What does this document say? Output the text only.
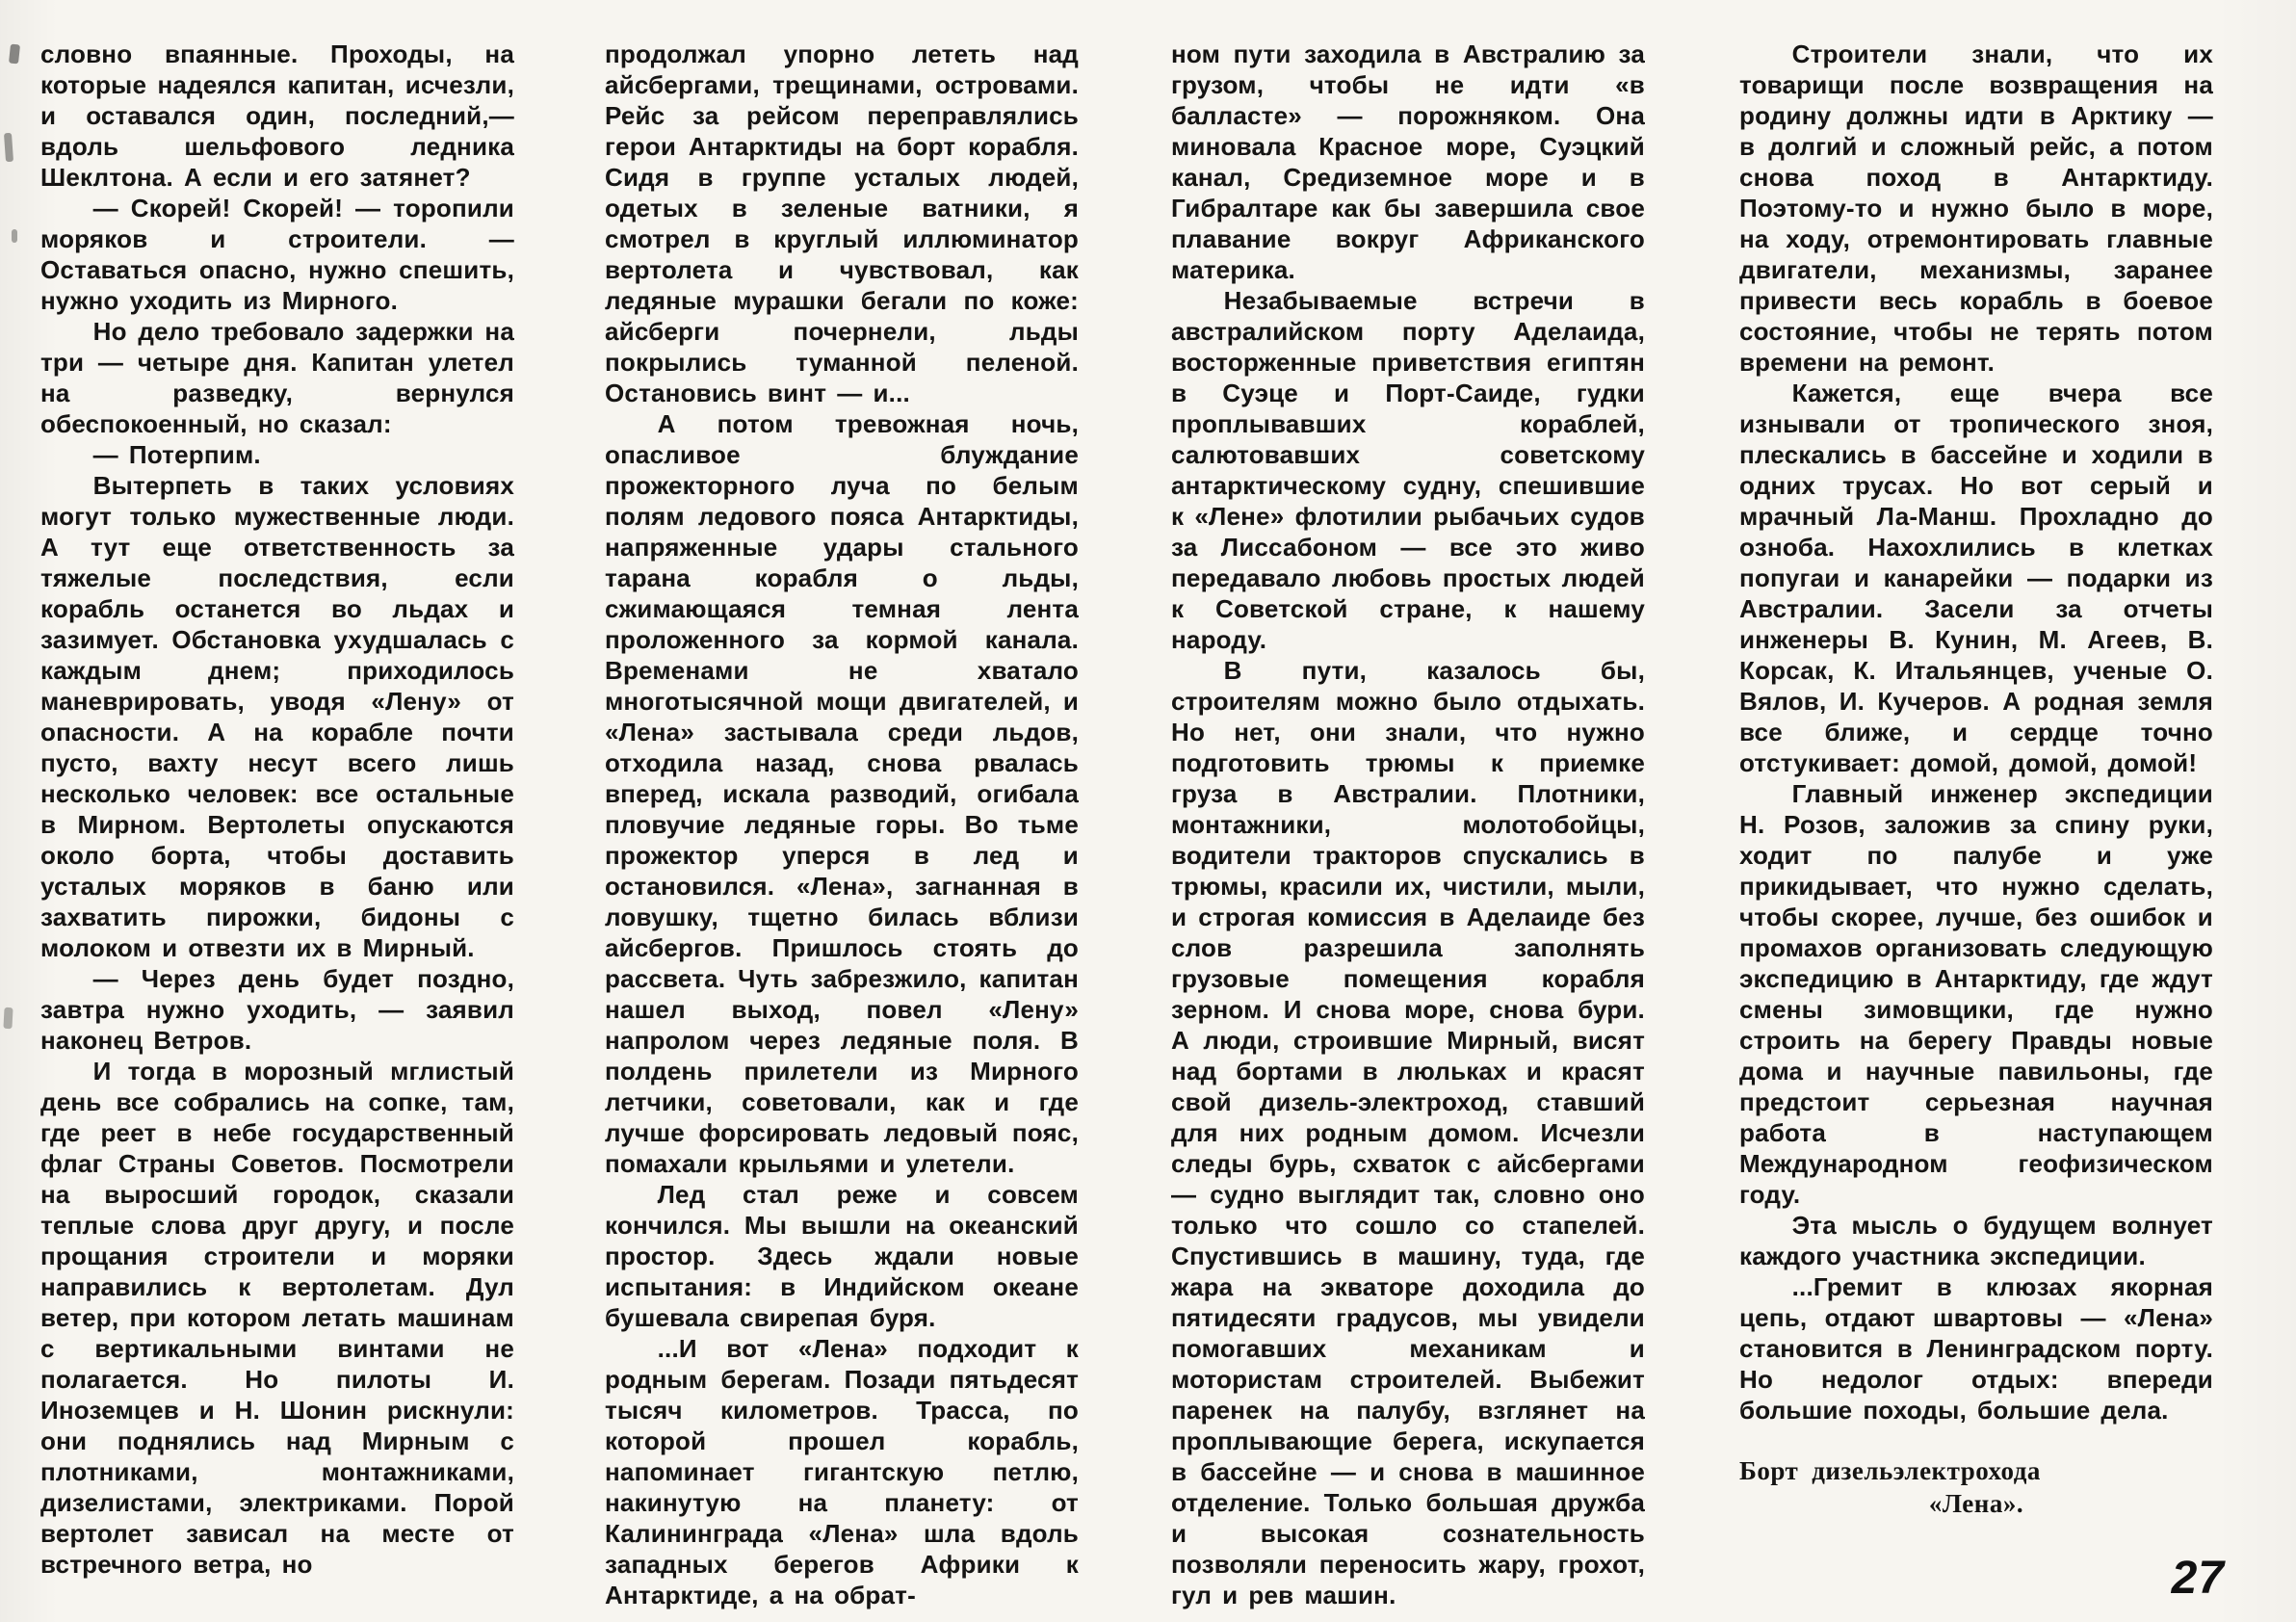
словно впаянные. Проходы, на которые надеялся капитан, исчезли, и оставался один, последний,— вдоль шельфового ледника Шеклтона. А если и его затянет?

— Скорей! Скорей! — торопили моряков и строители. — Оставаться опасно, нужно спешить, нужно уходить из Мирного.

Но дело требовало задержки на три — четыре дня. Капитан улетел на разведку, вернулся обеспокоенный, но сказал:

— Потерпим.

Вытерпеть в таких условиях могут только мужественные люди. А тут еще ответственность за тяжелые последствия, если корабль останется во льдах и зазимует. Обстановка ухудшалась с каждым днем; приходилось маневрировать, уводя «Лену» от опасности. А на корабле почти пусто, вахту несут всего лишь несколько человек: все остальные в Мирном. Вертолеты опускаются около борта, чтобы доставить усталых моряков в баню или захватить пирожки, бидоны с молоком и отвезти их в Мирный.

— Через день будет поздно, завтра нужно уходить, — заявил наконец Ветров.

И тогда в морозный мглистый день все собрались на сопке, там, где реет в небе государственный флаг Страны Советов. Посмотрели на выросший городок, сказали теплые слова друг другу, и после прощания строители и моряки направились к вертолетам. Дул ветер, при котором летать машинам с вертикальными винтами не полагается. Но пилоты И. Иноземцев и Н. Шонин рискнули: они поднялись над Мирным с плотниками, монтажниками, дизелистами, электриками. Порой вертолет зависал на месте от встречного ветра, но

продолжал упорно лететь над айсбергами, трещинами, островами. Рейс за рейсом переправлялись герои Антарктиды на борт корабля. Сидя в группе усталых людей, одетых в зеленые ватники, я смотрел в круглый иллюминатор вертолета и чувствовал, как ледяные мурашки бегали по коже: айсберги почернели, льды покрылись туманной пеленой. Остановись винт — и...

А потом тревожная ночь, опасливое блуждание прожекторного луча по белым полям ледового пояса Антарктиды, напряженные удары стального тарана корабля о льды, сжимающаяся темная лента проложенного за кормой канала. Временами не хватало многотысячной мощи двигателей, и «Лена» застывала среди льдов, отходила назад, снова рвалась вперед, искала разводий, огибала пловучие ледяные горы. Во тьме прожектор уперся в лед и остановился. «Лена», загнанная в ловушку, тщетно билась вблизи айсбергов. Пришлось стоять до рассвета. Чуть забрезжило, капитан нашел выход, повел «Лену» напролом через ледяные поля. В полдень прилетели из Мирного летчики, советовали, как и где лучше форсировать ледовый пояс, помахали крыльями и улетели.

Лед стал реже и совсем кончился. Мы вышли на океанский простор. Здесь ждали новые испытания: в Индийском океане бушевала свирепая буря.

...И вот «Лена» подходит к родным берегам. Позади пятьдесят тысяч километров. Трасса, по которой прошел корабль, напоминает гигантскую петлю, накинутую на планету: от Калининграда «Лена» шла вдоль западных берегов Африки к Антарктиде, а на обрат-

ном пути заходила в Австралию за грузом, чтобы не идти «в балласте» — порожняком. Она миновала Красное море, Суэцкий канал, Средиземное море и в Гибралтаре как бы завершила свое плавание вокруг Африканского материка.

Незабываемые встречи в австралийском порту Аделаида, восторженные приветствия египтян в Суэце и Порт-Саиде, гудки проплывавших кораблей, салютовавших советскому антарктическому судну, спешившие к «Лене» флотилии рыбачьих судов за Лиссабоном — все это живо передавало любовь простых людей к Советской стране, к нашему народу.

В пути, казалось бы, строителям можно было отдыхать. Но нет, они знали, что нужно подготовить трюмы к приемке груза в Австралии. Плотники, монтажники, молотобойцы, водители тракторов спускались в трюмы, красили их, чистили, мыли, и строгая комиссия в Аделаиде без слов разрешила заполнять грузовые помещения корабля зерном. И снова море, снова бури. А люди, строившие Мирный, висят над бортами в люльках и красят свой дизель-электроход, ставший для них родным домом. Исчезли следы бурь, схваток с айсбергами — судно выглядит так, словно оно только что сошло со стапелей. Спустившись в машину, туда, где жара на экваторе доходила до пятидесяти градусов, мы увидели помогавших механикам и мотористам строителей. Выбежит паренек на палубу, взглянет на проплывающие берега, искупается в бассейне — и снова в машинное отделение. Только большая дружба и высокая сознательность позволяли переносить жару, грохот, гул и рев машин.

Строители знали, что их товарищи после возвращения на родину должны идти в Арктику — в долгий и сложный рейс, а потом снова поход в Антарктиду. Поэтому-то и нужно было в море, на ходу, отремонтировать главные двигатели, механизмы, заранее привести весь корабль в боевое состояние, чтобы не терять потом времени на ремонт.

Кажется, еще вчера все изнывали от тропического зноя, плескались в бассейне и ходили в одних трусах. Но вот серый и мрачный Ла-Манш. Прохладно до озноба. Нахохлились в клетках попугаи и канарейки — подарки из Австралии. Засели за отчеты инженеры В. Кунин, М. Агеев, В. Корсак, К. Итальянцев, ученые О. Вялов, И. Кучеров. А родная земля все ближе, и сердце точно отстукивает: домой, домой, домой!

Главный инженер экспедиции Н. Розов, заложив за спину руки, ходит по палубе и уже прикидывает, что нужно сделать, чтобы скорее, лучше, без ошибок и промахов организовать следующую экспедицию в Антарктиду, где ждут смены зимовщики, где нужно строить на берегу Правды новые дома и научные павильоны, где предстоит серьезная научная работа в наступающем Международном геофизическом году.

Эта мысль о будущем волнует каждого участника экспедиции.

...Гремит в клюзах якорная цепь, отдают швартовы — «Лена» становится в Ленинградском порту. Но недолог отдых: впереди большие походы, большие дела.

Борт дизельэлектрохода
«Лена».
27
